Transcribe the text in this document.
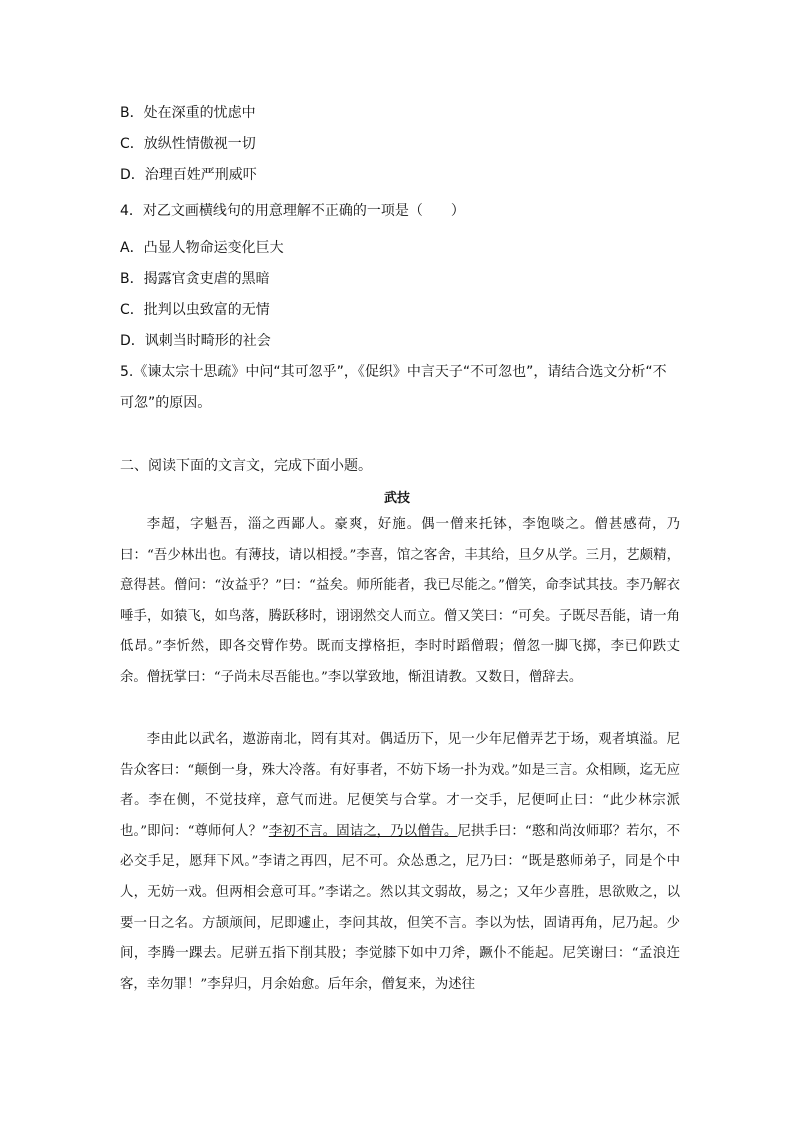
B．处在深重的忧虑中
C．放纵性情傲视一切
D．治理百姓严刑威吓
4．对乙文画横线句的用意理解不正确的一项是（　　）
A．凸显人物命运变化巨大
B．揭露官贪吏虐的黑暗
C．批判以虫致富的无情
D．讽刺当时畸形的社会
5.《谏太宗十思疏》中问“其可忽乎”，《促织》中言天子“不可忽也”，请结合选文分析“不可忽”的原因。
二、阅读下面的文言文，完成下面小题。
武技

李超，字魁吾，淄之西鄙人。豪爽，好施。偶一僧来托钵，李饱啖之。僧甚感荷，乃曰：“吾少林出也。有薄技，请以相授。”李喜，馆之客舍，丰其给，旦夕从学。三月，艺颇精，意得甚。僧问：“汝益乎？”曰：“益矣。师所能者，我已尽能之。”僧笑，命李试其技。李乃解衣唾手，如猿飞，如鸟落，腾跃移时，诩诩然交人而立。僧又笑曰：“可矣。子既尽吾能，请一角低昂。”李忻然，即各交臂作势。既而支撑格拒，李时时蹈僧瑕；僧忽一脚飞掷，李已仰跌丈余。僧抚掌曰：“子尚未尽吾能也。”李以掌致地，惭沮请教。又数日，僧辞去。

李由此以武名，遨游南北，罔有其对。偶适历下，见一少年尼僧弄艺于场，观者填溢。尼告众客曰：“颠倒一身，殊大冷落。有好事者，不妨下场一扑为戏。”如是三言。众相顾，迄无应者。李在侧，不觉技痒，意气而进。尼便笑与合掌。才一交手，尼便呵止曰：“此少林宗派也。”即问：“尊师何人？”李初不言。固诘之，乃以僧告。尼拱手曰：“憨和尚汝师耶？若尔，不必交手足，愿拜下风。”李请之再四，尼不可。众怂恿之，尼乃曰：“既是憨师弟子，同是个中人，无妨一戏。但两相会意可耳。”李诺之。然以其文弱故，易之；又年少喜胜，思欲败之，以要一日之名。方颉颃间，尼即遽止，李问其故，但笑不言。李以为怯，固请再角，尼乃起。少间，李腾一踝去。尼骈五指下削其股；李觉膝下如中刀斧，蹶仆不能起。尼笑谢曰：“孟浪迕客，幸勿罪！”李舁归，月余始愈。后年余，僧复来，为述往
